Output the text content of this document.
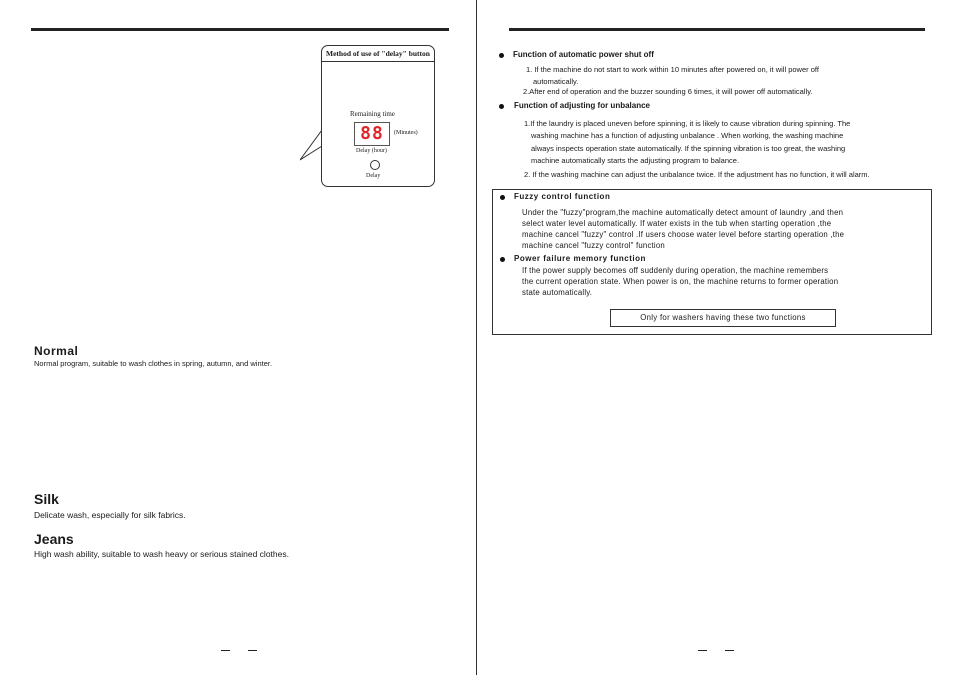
Method of use of "delay" button
Remaining time
88	(Minutes)
Delay (hour)
Delay
Normal
Normal program, suitable to wash clothes in spring, autumn, and winter.
Silk
Delicate wash, especially for silk fabrics.
Jeans
High wash ability, suitable to wash heavy or serious stained clothes.
Function of automatic power shut off
1. If the machine do not start to work within 10 minutes after powered on, it will power off
automatically.
2.After end of operation and the buzzer sounding 6 times, it will power off automatically.
Function of adjusting for unbalance
1.If the laundry is placed uneven before spinning, it is likely to cause vibration during spinning. The
washing machine has a function of adjusting unbalance . When working, the washing machine
always inspects operation state automatically. If the spinning vibration is too great, the washing
machine automatically starts the adjusting program to balance.
2. If the washing machine can adjust the unbalance twice. If the adjustment has no function, it will alarm.
Fuzzy control function
Under the "fuzzy"program,the machine automatically detect amount of laundry ,and then
select water level automatically. If water exists in the tub when starting operation ,the
machine cancel "fuzzy" control .If users choose water level before starting operation ,the
machine cancel "fuzzy control" function
Power failure memory function
If the power supply becomes off suddenly during operation, the machine remembers
the current operation state. When power is on, the machine returns to former operation
state automatically.
Only for washers having these two functions
